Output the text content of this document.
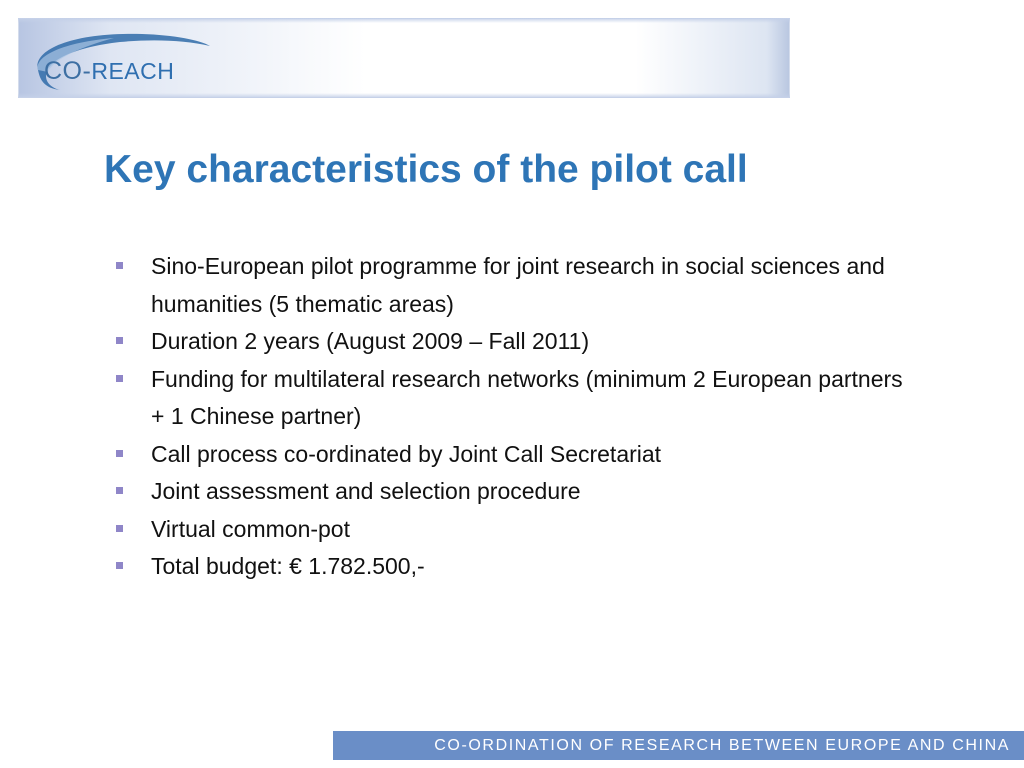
CO-REACH
Key characteristics of the pilot call
Sino-European pilot programme for joint research in social sciences and humanities (5 thematic areas)
Duration 2 years (August 2009 – Fall 2011)
Funding for multilateral research networks (minimum 2 European partners + 1 Chinese partner)
Call process co-ordinated by Joint Call Secretariat
Joint assessment and selection procedure
Virtual common-pot
Total budget: € 1.782.500,-
CO-ORDINATION OF RESEARCH BETWEEN EUROPE AND CHINA
